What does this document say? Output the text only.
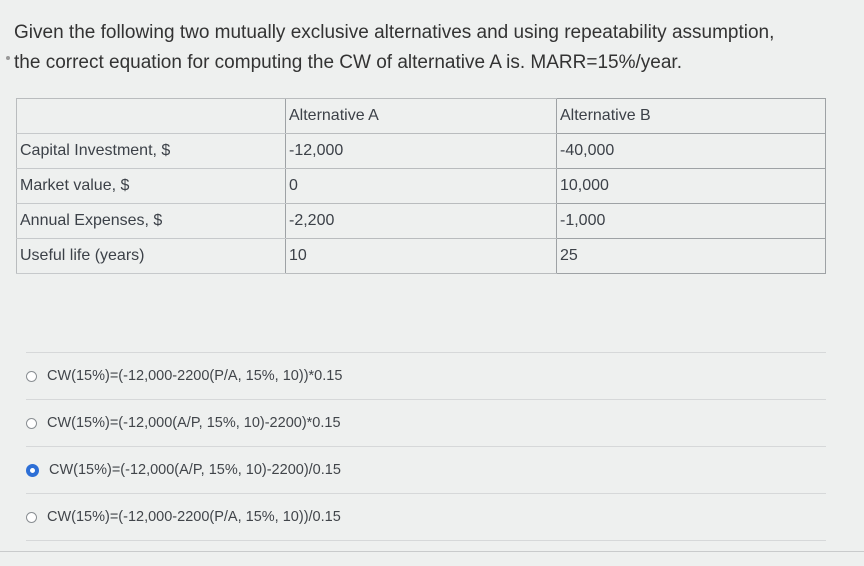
Given the following two mutually exclusive alternatives and using repeatability assumption,

the correct equation for computing the CW of alternative A is. MARR=15%/year.

	Alternative A	Alternative B
Capital Investment, $	-12,000	-40,000
Market value, $	0	10,000
Annual Expenses, $	-2,200	-1,000
Useful life (years)	10	25
CW(15%)=(-12,000-2200(P/A, 15%, 10))*0.15
CW(15%)=(-12,000(A/P, 15%, 10)-2200)*0.15
CW(15%)=(-12,000(A/P, 15%, 10)-2200)/0.15
CW(15%)=(-12,000-2200(P/A, 15%, 10))/0.15
